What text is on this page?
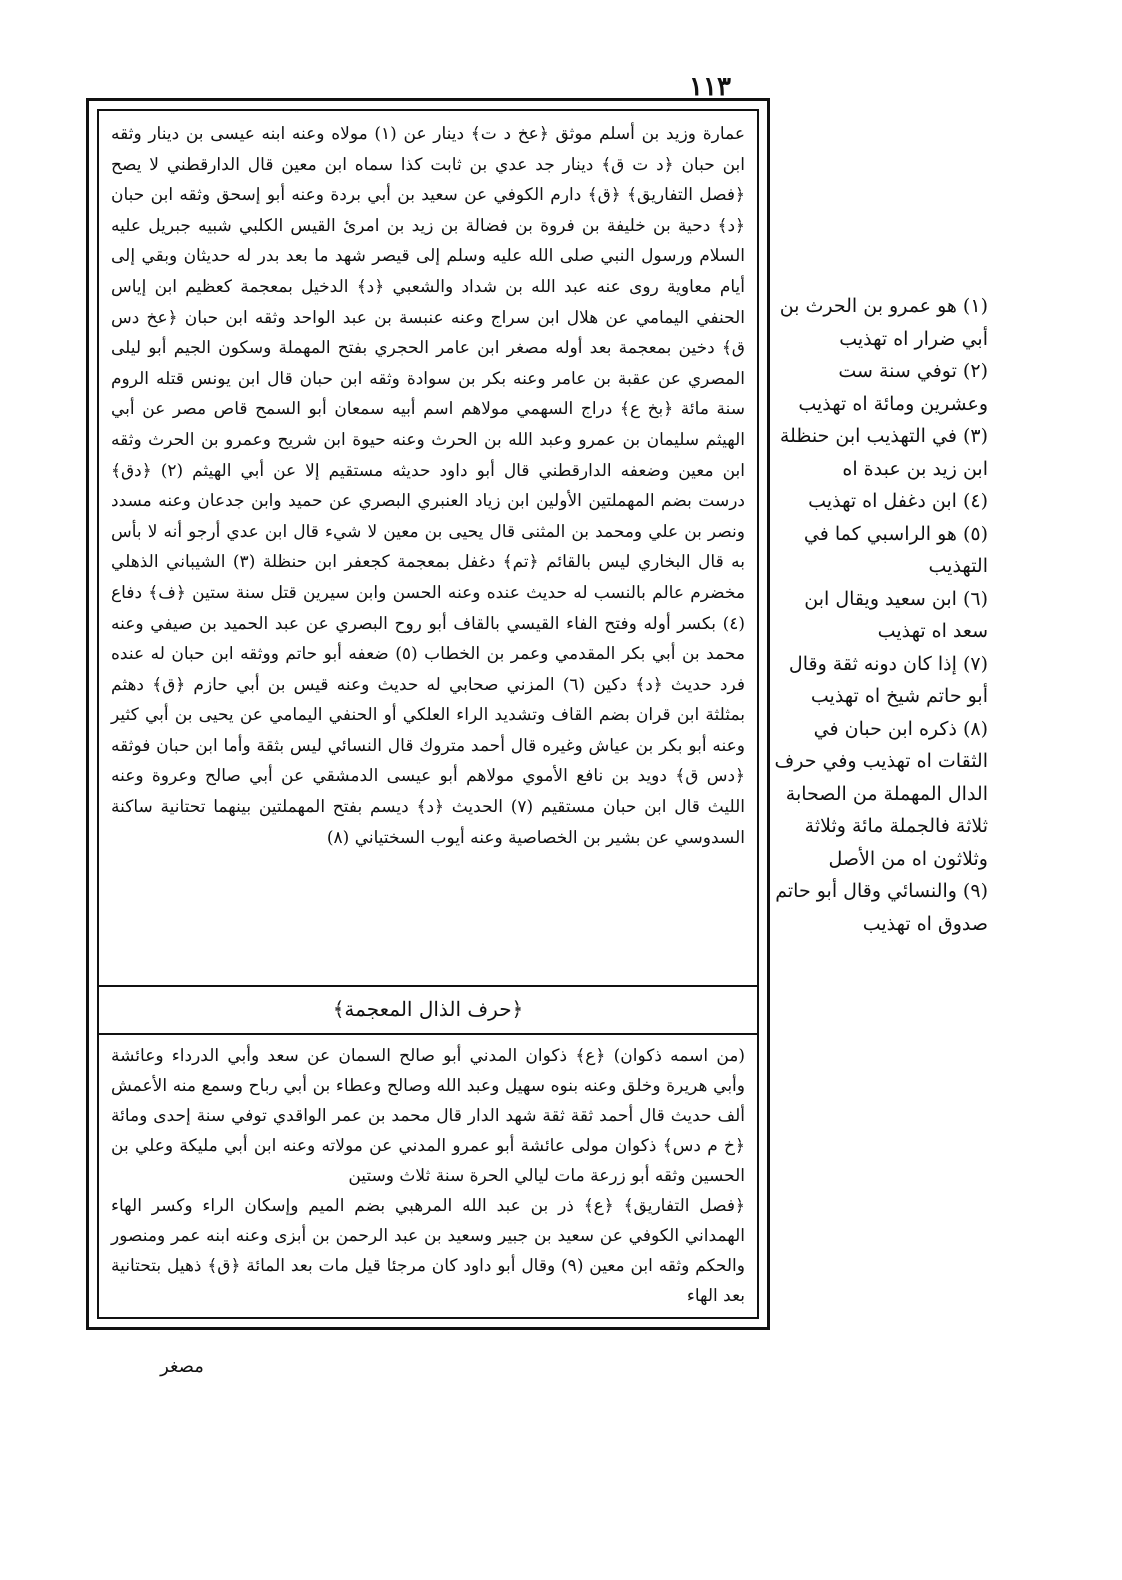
١١٣

عمارة وزيد بن أسلم موثق ﴿عخ د ت﴾ دينار عن (١) مولاه وعنه ابنه عيسى بن دينار وثقه ابن حبان ﴿د ت ق﴾ دينار جد عدي بن ثابت كذا سماه ابن معين قال الدارقطني لا يصح ﴿فصل التفاريق﴾ ﴿ق﴾ دارم الكوفي عن سعيد بن أبي بردة وعنه أبو إسحق وثقه ابن حبان ﴿د﴾ دحية بن خليفة بن فروة بن فضالة بن زيد بن امرئ القيس الكلبي شبيه جبريل عليه السلام ورسول النبي صلى الله عليه وسلم إلى قيصر شهد ما بعد بدر له حديثان وبقي إلى أيام معاوية روى عنه عبد الله بن شداد والشعبي ﴿د﴾ الدخيل بمعجمة كعظيم ابن إياس الحنفي اليمامي عن هلال ابن سراج وعنه عنبسة بن عبد الواحد وثقه ابن حبان ﴿عخ دس ق﴾ دخين بمعجمة بعد أوله مصغر ابن عامر الحجري بفتح المهملة وسكون الجيم أبو ليلى المصري عن عقبة بن عامر وعنه بكر بن سوادة وثقه ابن حبان قال ابن يونس قتله الروم سنة مائة ﴿بخ ع﴾ دراج السهمي مولاهم اسم أبيه سمعان أبو السمح قاص مصر عن أبي الهيثم سليمان بن عمرو وعبد الله بن الحرث وعنه حيوة ابن شريح وعمرو بن الحرث وثقه ابن معين وضعفه الدارقطني قال أبو داود حديثه مستقيم إلا عن أبي الهيثم (٢) ﴿دق﴾ درست بضم المهملتين الأولين ابن زياد العنبري البصري عن حميد وابن جدعان وعنه مسدد ونصر بن علي ومحمد بن المثنى قال يحيى بن معين لا شيء قال ابن عدي أرجو أنه لا بأس به قال البخاري ليس بالقائم ﴿تم﴾ دغفل بمعجمة كجعفر ابن حنظلة (٣) الشيباني الذهلي مخضرم عالم بالنسب له حديث عنده وعنه الحسن وابن سيرين قتل سنة ستين ﴿ف﴾ دفاع (٤) بكسر أوله وفتح الفاء القيسي بالقاف أبو روح البصري عن عبد الحميد بن صيفي وعنه محمد بن أبي بكر المقدمي وعمر بن الخطاب (٥) ضعفه أبو حاتم ووثقه ابن حبان له عنده فرد حديث ﴿د﴾ دكين (٦) المزني صحابي له حديث وعنه قيس بن أبي حازم ﴿ق﴾ دهثم بمثلثة ابن قران بضم القاف وتشديد الراء العلكي أو الحنفي اليمامي عن يحيى بن أبي كثير وعنه أبو بكر بن عياش وغيره قال أحمد متروك قال النسائي ليس بثقة وأما ابن حبان فوثقه ﴿دس ق﴾ دويد بن نافع الأموي مولاهم أبو عيسى الدمشقي عن أبي صالح وعروة وعنه الليث قال ابن حبان مستقيم (٧) الحديث ﴿د﴾ ديسم بفتح المهملتين بينهما تحتانية ساكنة السدوسي عن بشير بن الخصاصية وعنه أيوب السختياني (٨)

﴿حرف الذال المعجمة﴾

(من اسمه ذكوان) ﴿ع﴾ ذكوان المدني أبو صالح السمان عن سعد وأبي الدرداء وعائشة وأبي هريرة وخلق وعنه بنوه سهيل وعبد الله وصالح وعطاء بن أبي رباح وسمع منه الأعمش ألف حديث قال أحمد ثقة ثقة شهد الدار قال محمد بن عمر الواقدي توفي سنة إحدى ومائة ﴿خ م دس﴾ ذكوان مولى عائشة أبو عمرو المدني عن مولاته وعنه ابن أبي مليكة وعلي بن الحسين وثقه أبو زرعة مات ليالي الحرة سنة ثلاث وستين

﴿فصل التفاريق﴾ ﴿ع﴾ ذر بن عبد الله المرهبي بضم الميم وإسكان الراء وكسر الهاء الهمداني الكوفي عن سعيد بن جبير وسعيد بن عبد الرحمن بن أبزى وعنه ابنه عمر ومنصور والحكم وثقه ابن معين (٩) وقال أبو داود كان مرجئا قيل مات بعد المائة ﴿ق﴾ ذهيل بتحتانية بعد الهاء

(١) هو عمرو بن الحرث بن أبي ضرار اه تهذيب

(٢) توفي سنة ست وعشرين ومائة اه تهذيب

(٣) في التهذيب ابن حنظلة ابن زيد بن عبدة اه

(٤) ابن دغفل اه تهذيب

(٥) هو الراسبي كما في التهذيب

(٦) ابن سعيد ويقال ابن سعد اه تهذيب

(٧) إذا كان دونه ثقة وقال أبو حاتم شيخ اه تهذيب

(٨) ذكره ابن حبان في الثقات اه تهذيب وفي حرف الدال المهملة من الصحابة ثلاثة فالجملة مائة وثلاثة وثلاثون اه من الأصل

(٩) والنسائي وقال أبو حاتم صدوق اه تهذيب

مصغر
